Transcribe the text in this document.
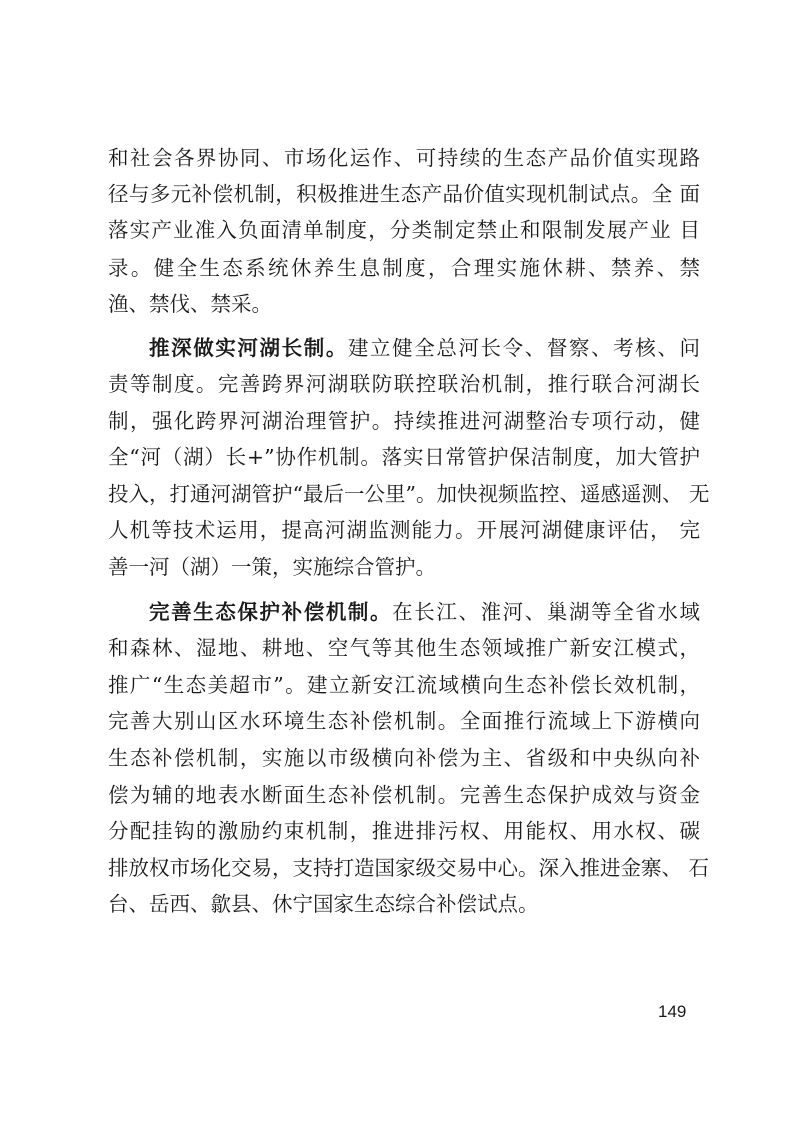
和社会各界协同、市场化运作、可持续的生态产品价值实现路
径与多元补偿机制，积极推进生态产品价值实现机制试点。全 面
落实产业准入负面清单制度，分类制定禁止和限制发展产业 目
录。健全生态系统休养生息制度，合理实施休耕、禁养、禁
渔、禁伐、禁采。
推深做实河湖长制。建立健全总河长令、督察、考核、问
责等制度。完善跨界河湖联防联控联治机制，推行联合河湖长
制，强化跨界河湖治理管护。持续推进河湖整治专项行动，健
全“河（湖）长+”协作机制。落实日常管护保洁制度，加大管护
投入，打通河湖管护“最后一公里”。加快视频监控、遥感遥测、 无
人机等技术运用，提高河湖监测能力。开展河湖健康评估， 完
善一河（湖）一策，实施综合管护。
完善生态保护补偿机制。在长江、淮河、巢湖等全省水域
和森林、湿地、耕地、空气等其他生态领域推广新安江模式，
推广“生态美超市”。建立新安江流域横向生态补偿长效机制，
完善大别山区水环境生态补偿机制。全面推行流域上下游横向
生态补偿机制，实施以市级横向补偿为主、省级和中央纵向补
偿为辅的地表水断面生态补偿机制。完善生态保护成效与资金
分配挂钩的激励约束机制，推进排污权、用能权、用水权、碳
排放权市场化交易，支持打造国家级交易中心。深入推进金寨、 石
台、岳西、歙县、休宁国家生态综合补偿试点。
149
